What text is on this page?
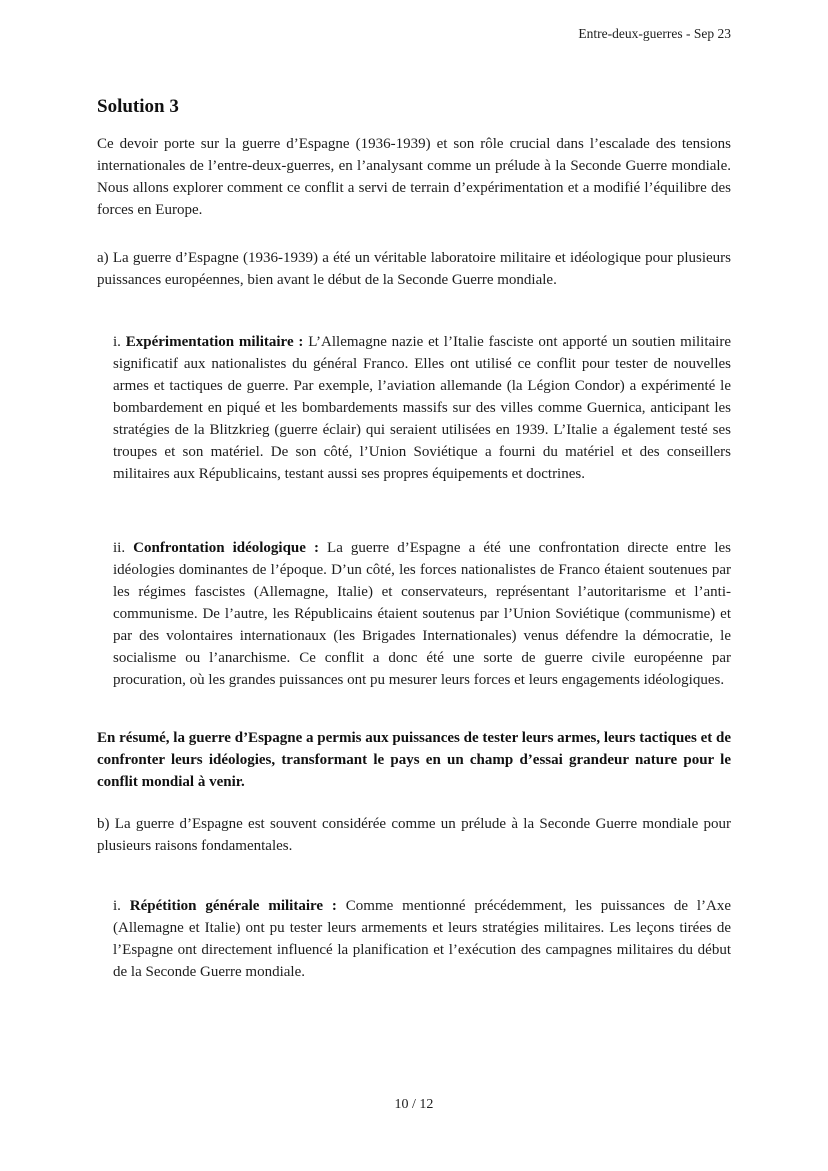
Entre-deux-guerres - Sep 23
Solution 3

Ce devoir porte sur la guerre d’Espagne (1936-1939) et son rôle crucial dans l’escalade des tensions internationales de l’entre-deux-guerres, en l’analysant comme un prélude à la Seconde Guerre mondiale. Nous allons explorer comment ce conflit a servi de terrain d’expérimentation et a modifié l’équilibre des forces en Europe.

a) La guerre d’Espagne (1936-1939) a été un véritable laboratoire militaire et idéologique pour plusieurs puissances européennes, bien avant le début de la Seconde Guerre mondiale.

i. Expérimentation militaire : L’Allemagne nazie et l’Italie fasciste ont apporté un soutien militaire significatif aux nationalistes du général Franco. Elles ont utilisé ce conflit pour tester de nouvelles armes et tactiques de guerre. Par exemple, l’aviation allemande (la Légion Condor) a expérimenté le bombardement en piqué et les bombardements massifs sur des villes comme Guernica, anticipant les stratégies de la Blitzkrieg (guerre éclair) qui seraient utilisées en 1939. L’Italie a également testé ses troupes et son matériel. De son côté, l’Union Soviétique a fourni du matériel et des conseillers militaires aux Républicains, testant aussi ses propres équipements et doctrines.

ii. Confrontation idéologique : La guerre d’Espagne a été une confrontation directe entre les idéologies dominantes de l’époque. D’un côté, les forces nationalistes de Franco étaient soutenues par les régimes fascistes (Allemagne, Italie) et conservateurs, représentant l’autoritarisme et l’anti-communisme. De l’autre, les Républicains étaient soutenus par l’Union Soviétique (communisme) et par des volontaires internationaux (les Brigades Internationales) venus défendre la démocratie, le socialisme ou l’anarchisme. Ce conflit a donc été une sorte de guerre civile européenne par procuration, où les grandes puissances ont pu mesurer leurs forces et leurs engagements idéologiques.

En résumé, la guerre d’Espagne a permis aux puissances de tester leurs armes, leurs tactiques et de confronter leurs idéologies, transformant le pays en un champ d’essai grandeur nature pour le conflit mondial à venir.

b) La guerre d’Espagne est souvent considérée comme un prélude à la Seconde Guerre mondiale pour plusieurs raisons fondamentales.

i. Répétition générale militaire : Comme mentionné précédemment, les puissances de l’Axe (Allemagne et Italie) ont pu tester leurs armements et leurs stratégies militaires. Les leçons tirées de l’Espagne ont directement influencé la planification et l’exécution des campagnes militaires du début de la Seconde Guerre mondiale.

10 / 12
